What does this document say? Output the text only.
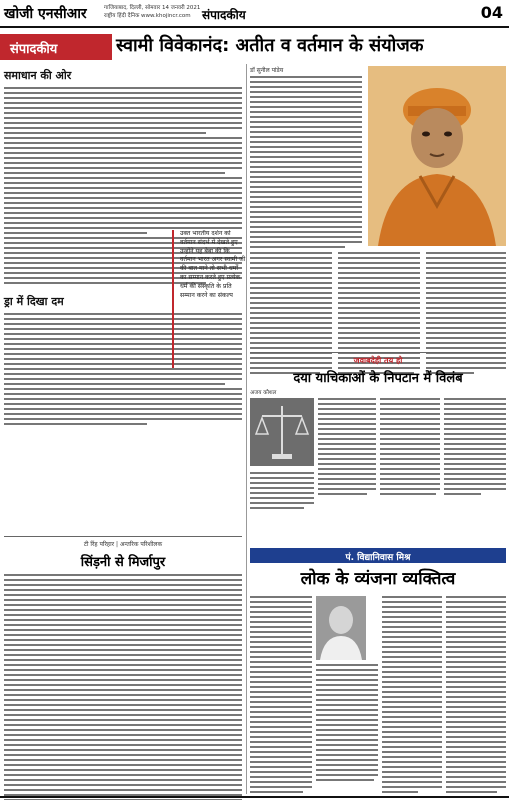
खोजी एनसीआर	गाजियाबाद, दिल्ली, सोमवार 14 जनवरी 2021
राष्ट्रीय हिंदी दैनिक www.khojincr.com संपादकीय	04
संपादकीय	स्वामी विवेकानंद: अतीत व वर्तमान के संयोजक
समाधान की ओर
ड्रा में दिखा दम
उक्त भारतीय दर्शन को वर्तमान संदर्भ में देखते हुए उन्होंने यह बेबा की कि वर्तमान भारत अगर स्वामी जी की बात माने तो सभी धर्मों का सम्मान करते हुए प्रत्येक धर्म की संस्कृति के प्रति सम्मान करने का संकल्प
डॉ सुनील पांडेय
जवाबदेही तय हो
दया याचिकाओं के निपटान में विलंब
अजय कौशल
पं. विद्यानिवास मिश्र
लोक के व्यंजना व्यक्तित्व
टी रिंह परिहार | अन्तरिक परिशीलक
सिंड़नी से मिर्जापुर
